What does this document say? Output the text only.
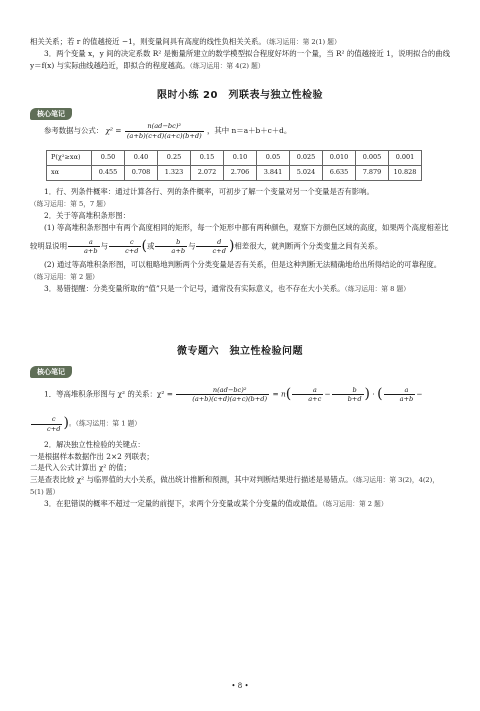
相关关系；若 r 的值越接近 −1，则变量间具有高度的线性负相关关系。（练习运用：第 2(1) 题）

3．两个变量 x，y 间的决定系数 R² 是衡量所建立的数学模型拟合程度好坏的一个量，当 R² 的值越接近 1，说明拟合的曲线 y＝f(x) 与实际曲线越趋近，即拟合的程度越高。（练习运用：第 4(2) 题）

限时小练 20　列联表与独立性检验
核心笔记
参考数据与公式： $\chi^2 = \frac{\text{n(ad−bc)²}}{(a+b)(c+d)(a+c)(b+d)}$ ，其中 n＝a＋b＋c＋d。
P(χ²≥xα)	0.50	0.40	0.25	0.15	0.10	0.05	0.025	0.010	0.005	0.001
xα	0.455	0.708	1.323	2.072	2.706	3.841	5.024	6.635	7.879	10.828

1．行、列条件概率：通过计算各行、列的条件概率，可初步了解一个变量对另一个变量是否有影响。（练习运用：第 5，7 题）

2．关于等高堆积条形图：

(1) 等高堆积条形图中有两个高度相同的矩形，每一个矩形中都有两种颜色，观察下方颜色区域的高度，如果两个高度相差比较明显说明 $\frac{a}{a+b}$ 与 $\frac{c}{c+d}$ (或 $\frac{b}{a+b}$ 与 $\frac{d}{c+d}$ )相差很大，就判断两个分类变量之间有关系。

(2) 通过等高堆积条形图，可以粗略地判断两个分类变量是否有关系，但是这种判断无法精确地给出所得结论的可靠程度。（练习运用：第 2 题）

3．易错提醒：分类变量所取的“值”只是一个记号，通常没有实际意义，也不存在大小关系。（练习运用：第 8 题）

微专题六　独立性检验问题
核心笔记

1．等高堆积条形图与 χ² 的关系：$\chi^2 = \frac{\text{n(ad−bc)²}}{(a+b)(c+d)(a+c)(b+d)} = n( \frac{a}{a+c} - \frac{b}{b+d}$ ) · ( $\frac{a}{a+b}$ −
$\frac{c}{c+d}$ )。（练习运用：第 1 题）

2．解决独立性检验的关键点：

一是根据样本数据作出 2×2 列联表；

二是代入公式计算出 χ² 的值；

三是查表比较 χ² 与临界值的大小关系，做出统计推断和预测，其中对判断结果进行描述是易错点。（练习运用：第 3(2)，4(2)，5(1) 题）

3．在犯错误的概率不超过一定量的前提下，求两个分变量或某个分变量的值或最值。（练习运用：第 2 题）

• 8 •
